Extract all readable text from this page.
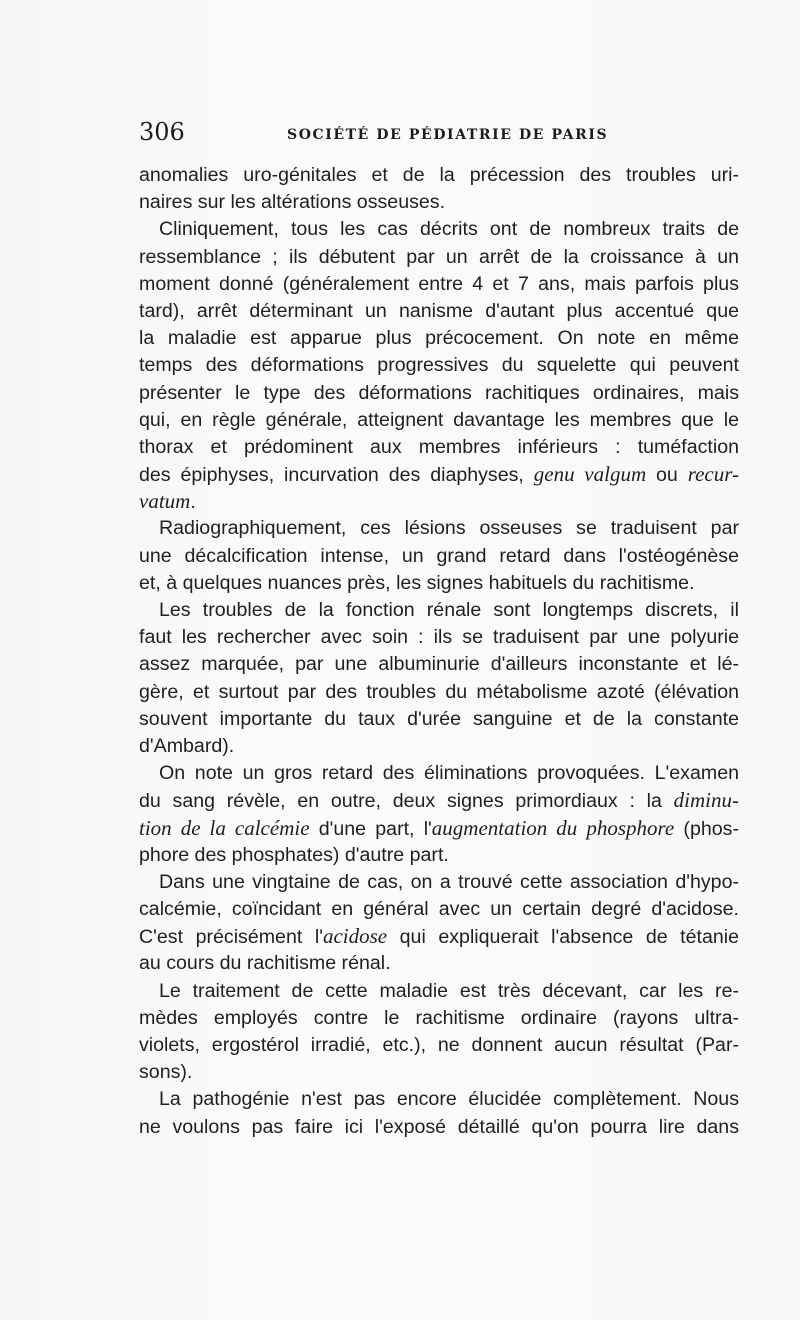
306	SOCIÉTÉ DE PÉDIATRIE DE PARIS
anomalies uro-génitales et de la précession des troubles uri-
naires sur les altérations osseuses.
Cliniquement, tous les cas décrits ont de nombreux traits de
ressemblance ; ils débutent par un arrêt de la croissance à un
moment donné (généralement entre 4 et 7 ans, mais parfois plus
tard), arrêt déterminant un nanisme d'autant plus accentué que
la maladie est apparue plus précocement. On note en même
temps des déformations progressives du squelette qui peuvent
présenter le type des déformations rachitiques ordinaires, mais
qui, en règle générale, atteignent davantage les membres que le
thorax et prédominent aux membres inférieurs : tuméfaction
des épiphyses, incurvation des diaphyses, genu valgum ou recur-
vatum.
Radiographiquement, ces lésions osseuses se traduisent par
une décalcification intense, un grand retard dans l'ostéogénèse
et, à quelques nuances près, les signes habituels du rachitisme.
Les troubles de la fonction rénale sont longtemps discrets, il
faut les rechercher avec soin : ils se traduisent par une polyurie
assez marquée, par une albuminurie d'ailleurs inconstante et lé-
gère, et surtout par des troubles du métabolisme azoté (élévation
souvent importante du taux d'urée sanguine et de la constante
d'Ambard).
On note un gros retard des éliminations provoquées. L'examen
du sang révèle, en outre, deux signes primordiaux : la diminu-
tion de la calcémie d'une part, l'augmentation du phosphore (phos-
phore des phosphates) d'autre part.
Dans une vingtaine de cas, on a trouvé cette association d'hypo-
calcémie, coïncidant en général avec un certain degré d'acidose.
C'est précisément l'acidose qui expliquerait l'absence de tétanie
au cours du rachitisme rénal.
Le traitement de cette maladie est très décevant, car les re-
mèdes employés contre le rachitisme ordinaire (rayons ultra-
violets, ergostérol irradié, etc.), ne donnent aucun résultat (Par-
sons).
La pathogénie n'est pas encore élucidée complètement. Nous
ne voulons pas faire ici l'exposé détaillé qu'on pourra lire dans
